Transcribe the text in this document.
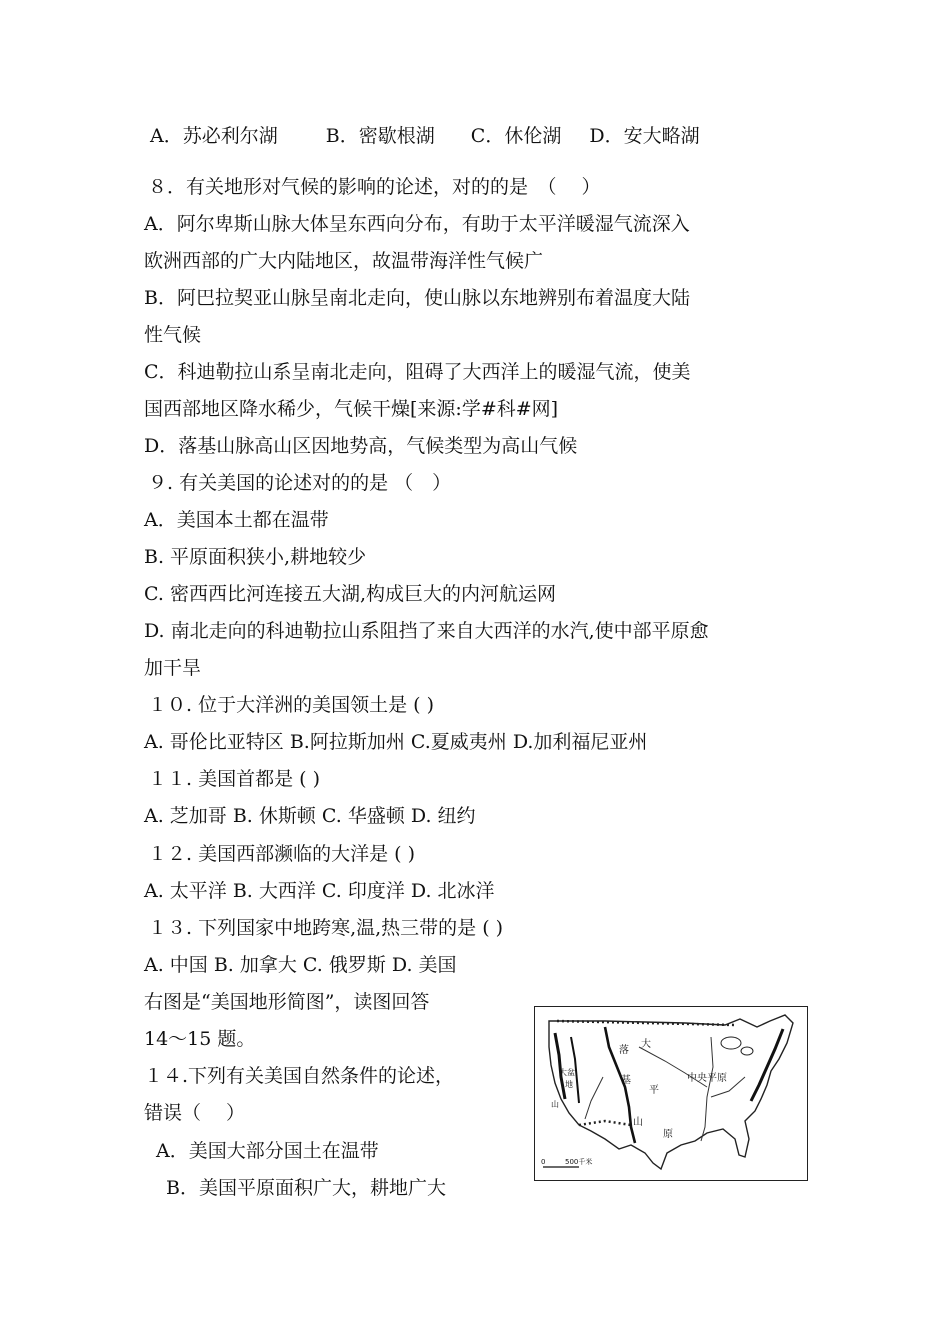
A．苏必利尔湖	B．密歇根湖 C．休伦湖 D．安大略湖
８．有关地形对气候的影响的论述，对的的是　（　 ）
A．阿尔卑斯山脉大体呈东西向分布，有助于太平洋暖湿气流深入
欧洲西部的广大内陆地区，故温带海洋性气候广
B．阿巴拉契亚山脉呈南北走向，使山脉以东地辨别布着温度大陆
性气候
C．科迪勒拉山系呈南北走向，阻碍了大西洋上的暖湿气流，使美
国西部地区降水稀少，气候干燥[来源:学#科#网]
D．落基山脉高山区因地势高，气候类型为高山气候
９. 有关美国的论述对的的是 （　）
A．美国本土都在温带
B. 平原面积狭小,耕地较少
C. 密西西比河连接五大湖,构成巨大的内河航运网
D. 南北走向的科迪勒拉山系阻挡了来自大西洋的水汽,使中部平原愈
加干旱
１０. 位于大洋洲的美国领土是 ( )
A. 哥伦比亚特区 B.阿拉斯加州 C.夏威夷州 D.加利福尼亚州
１１. 美国首都是 ( )
A. 芝加哥 B. 休斯顿 C. 华盛顿 D. 纽约
１２. 美国西部濒临的大洋是 ( )
A. 太平洋 B. 大西洋 C. 印度洋 D. 北冰洋
１３. 下列国家中地跨寒,温,热三带的是 ( )
A. 中国 B. 加拿大 C. 俄罗斯 D. 美国
右图是“美国地形简图”，读图回答
14～15 题。
１４.下列有关美国自然条件的论述，
错误（　 ）
A．美国大部分国土在温带
B．美国平原面积广大，耕地广大
落
基
山
大
平
原
中央平原
大盆
地
山
0	500千米
